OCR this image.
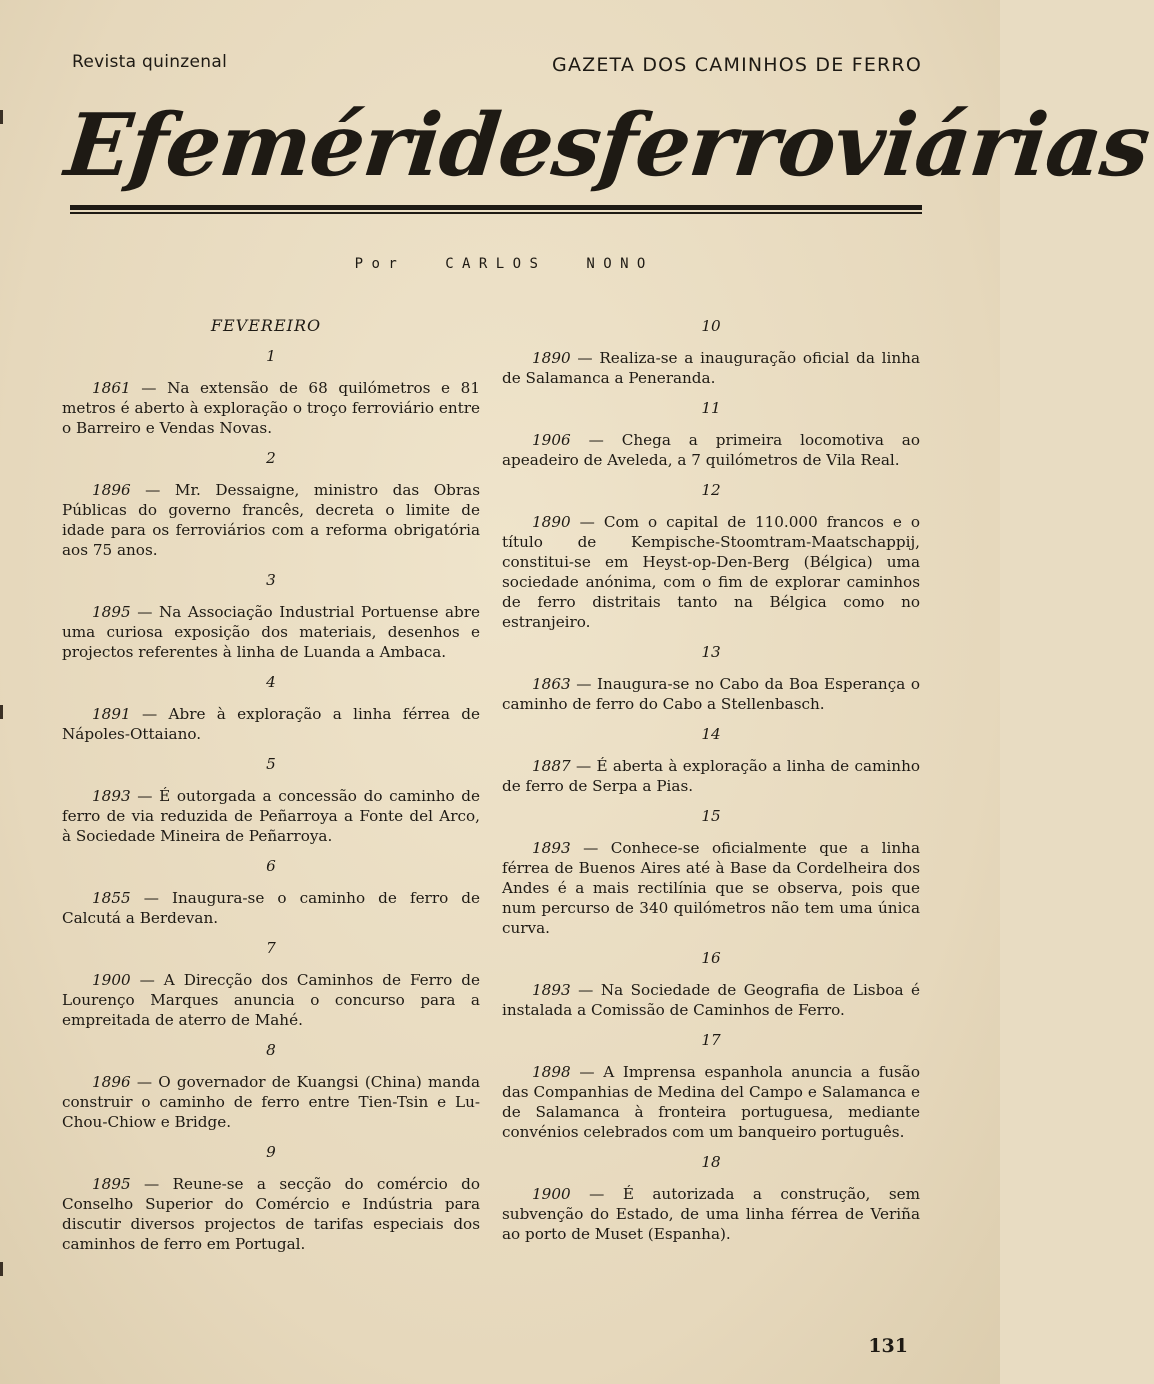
Revista quinzenal	GAZETA DOS CAMINHOS DE FERRO
Efemérides
ferroviárias
P o r	C A R L O S	N O N O
FEVEREIRO
1

1861 — Na extensão de 68 quilómetros e 81 metros é aberto à exploração o troço ferroviário entre o Barreiro e Vendas Novas.

2

1896 — Mr. Dessaigne, ministro das Obras Públicas do governo francês, decreta o limite de idade para os ferroviários com a reforma obrigatória aos 75 anos.

3

1895 — Na Associação Industrial Portuense abre uma curiosa exposição dos materiais, desenhos e projectos referentes à linha de Luanda a Ambaca.

4

1891 — Abre à exploração a linha férrea de Nápoles-Ottaiano.

5

1893 — É outorgada a concessão do caminho de ferro de via reduzida de Peñarroya a Fonte del Arco, à Sociedade Mineira de Peñarroya.

6

1855 — Inaugura-se o caminho de ferro de Calcutá a Berdevan.

7

1900 — A Direcção dos Caminhos de Ferro de Lourenço Marques anuncia o concurso para a empreitada de aterro de Mahé.

8

1896 — O governador de Kuangsi (China) manda construir o caminho de ferro entre Tien-Tsin e Lu-Chou-Chiow e Bridge.

9

1895 — Reune-se a secção do comércio do Conselho Superior do Comércio e Indústria para discutir diversos projectos de tarifas especiais dos caminhos de ferro em Portugal.

10

1890 — Realiza-se a inauguração oficial da linha de Salamanca a Peneranda.

11

1906 — Chega a primeira locomotiva ao apeadeiro de Aveleda, a 7 quilómetros de Vila Real.

12

1890 — Com o capital de 110.000 francos e o título de Kempische-Stoomtram-Maatschappij, constitui-se em Heyst-op-Den-Berg (Bélgica) uma sociedade anónima, com o fim de explorar caminhos de ferro distritais tanto na Bélgica como no estranjeiro.

13

1863 — Inaugura-se no Cabo da Boa Esperança o caminho de ferro do Cabo a Stellenbasch.

14

1887 — É aberta à exploração a linha de caminho de ferro de Serpa a Pias.

15

1893 — Conhece-se oficialmente que a linha férrea de Buenos Aires até à Base da Cordelheira dos Andes é a mais rectilínia que se observa, pois que num percurso de 340 quilómetros não tem uma única curva.

16

1893 — Na Sociedade de Geografia de Lisboa é instalada a Comissão de Caminhos de Ferro.

17

1898 — A Imprensa espanhola anuncia a fusão das Companhias de Medina del Campo e Salamanca e de Salamanca à fronteira portuguesa, mediante convénios celebrados com um banqueiro português.

18

1900 — É autorizada a construção, sem subvenção do Estado, de uma linha férrea de Veriña ao porto de Muset (Espanha).

131
